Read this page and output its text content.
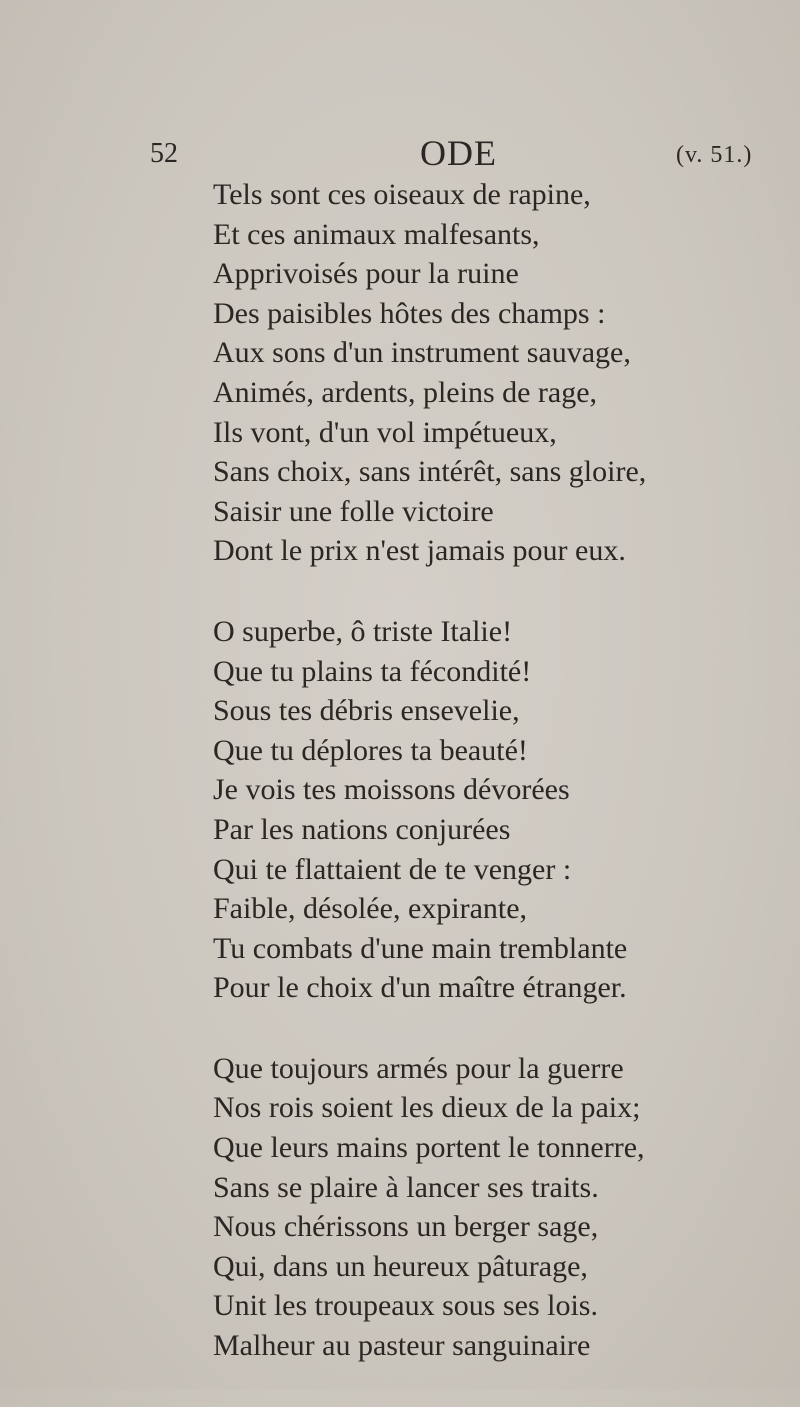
52	ODE	(v. 51.)
Tels sont ces oiseaux de rapine,
Et ces animaux malfesants,
Apprivoisés pour la ruine
Des paisibles hôtes des champs :
Aux sons d'un instrument sauvage,
Animés, ardents, pleins de rage,
Ils vont, d'un vol impétueux,
Sans choix, sans intérêt, sans gloire,
Saisir une folle victoire
Dont le prix n'est jamais pour eux.
O superbe, ô triste Italie!
Que tu plains ta fécondité!
Sous tes débris ensevelie,
Que tu déplores ta beauté!
Je vois tes moissons dévorées
Par les nations conjurées
Qui te flattaient de te venger :
Faible, désolée, expirante,
Tu combats d'une main tremblante
Pour le choix d'un maître étranger.
Que toujours armés pour la guerre
Nos rois soient les dieux de la paix;
Que leurs mains portent le tonnerre,
Sans se plaire à lancer ses traits.
Nous chérissons un berger sage,
Qui, dans un heureux pâturage,
Unit les troupeaux sous ses lois.
Malheur au pasteur sanguinaire
